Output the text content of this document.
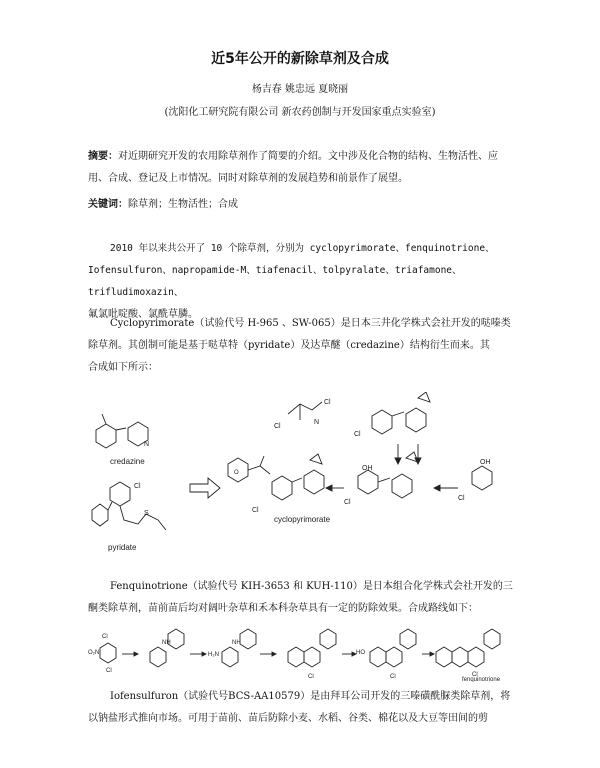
近5年公开的新除草剂及合成
杨吉春 姚忠远 夏晓丽
(沈阳化工研究院有限公司 新农药创制与开发国家重点实验室)
摘要：对近期研究开发的农用除草剂作了简要的介绍。文中涉及化合物的结构、生物活性、应用、合成、登记及上市情况。同时对除草剂的发展趋势和前景作了展望。
关键词：除草剂；生物活性；合成
2010 年以来共公开了 10 个除草剂，分别为 cyclopyrimorate、fenquinotrione、
Iofensulfuron、napropamide-M、tiafenacil、tolpyralate、triafamone、trifludimoxazin、
氟氯吡啶酸、氯酰草膦。
Cyclopyrimorate（试验代号 H-965 、SW-065）是日本三井化学株式会社开发的哒嗪类
除草剂。其创制可能是基于哒草特（pyridate）及达草醚（credazine）结构衍生而来。其
合成如下所示：
N
credazine
Cl
S
pyridate
O
Cl
cyclopyrimorate
Cl
Cl
N
Cl
OH
Cl
OH
Cl
Fenquinotrione（试验代号 KIH-3653 和 KUH-110）是日本组合化学株式会社开发的三
酮类除草剂，苗前苗后均对阔叶杂草和禾本科杂草具有一定的防除效果。合成路线如下：
Cl
O₂N
Cl
NH
H₂N
NH
Cl
HO
Cl	Cl
fenquinotrione
Iofensulfuron（试验代号BCS-AA10579）是由拜耳公司开发的三嗪磺酰脲类除草剂，将
以钠盐形式推向市场。可用于苗前、苗后防除小麦、水稻、谷类、棉花以及大豆等田间的剪
